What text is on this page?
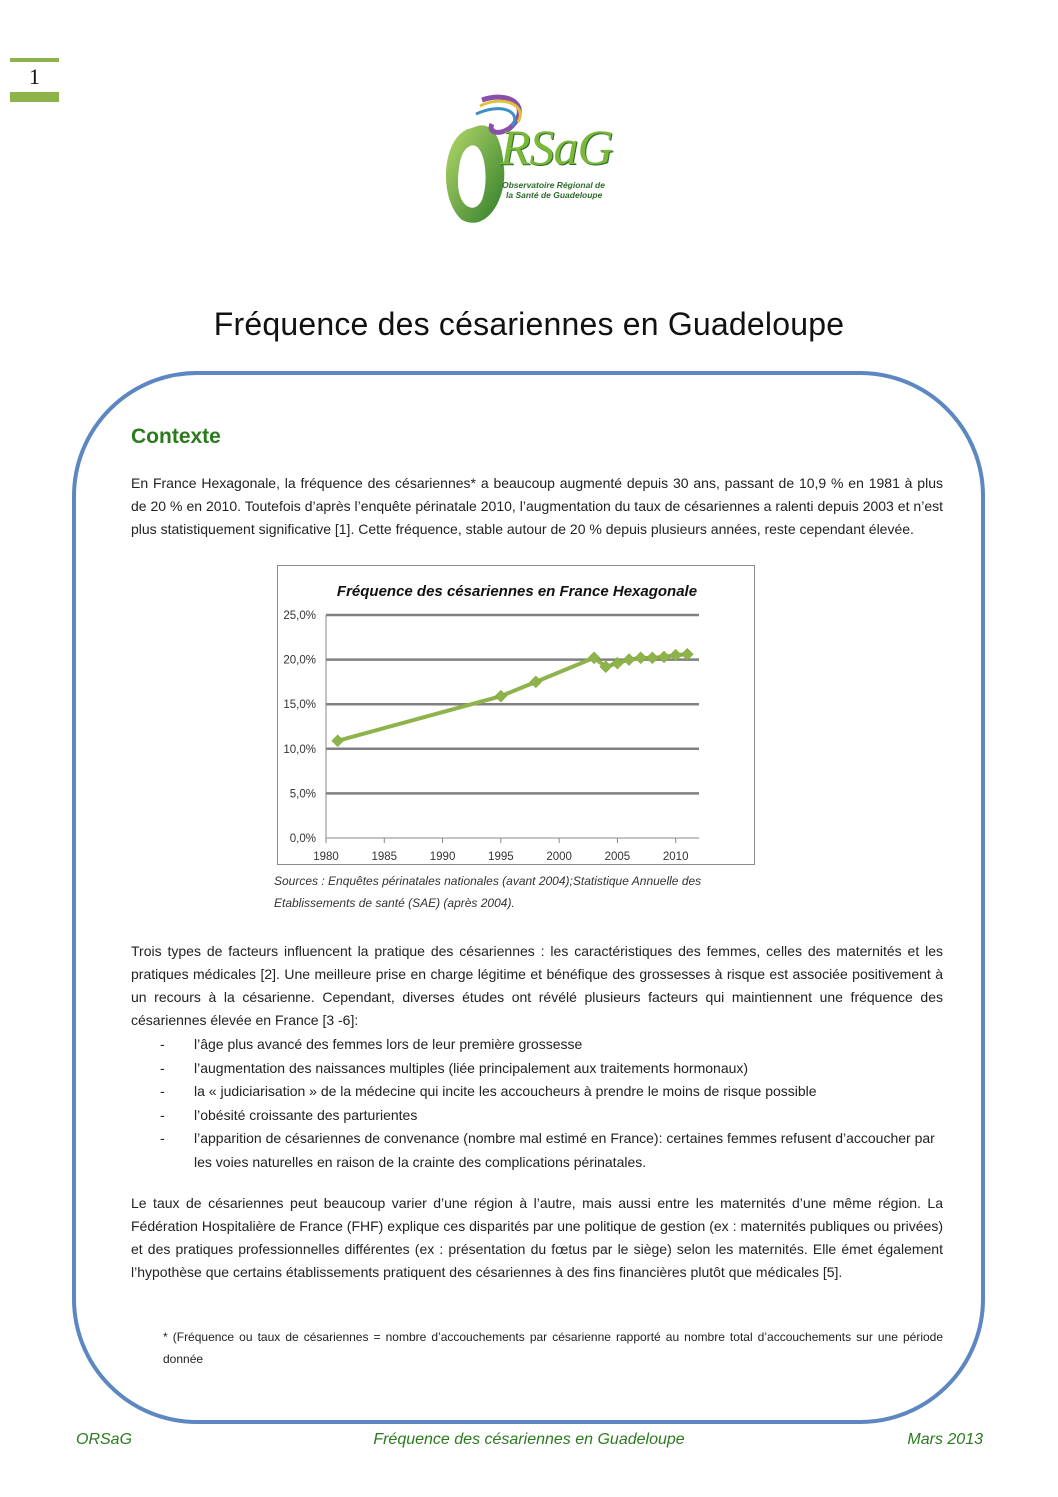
1
RSaG
Observatoire Régional de
la Santé de Guadeloupe
Fréquence des césariennes en Guadeloupe
Contexte
En France Hexagonale, la fréquence des césariennes* a beaucoup augmenté depuis 30 ans, passant de 10,9 % en 1981 à plus de 20 % en 2010. Toutefois d’après l’enquête périnatale 2010, l’augmentation du taux de césariennes a ralenti depuis 2003 et n’est plus statistiquement significative [1]. Cette fréquence, stable autour de 20 % depuis plusieurs années, reste cependant élevée.
Fréquence des césariennes en France Hexagonale
0,0%
5,0%
10,0%
15,0%
20,0%
25,0%
1980	1985	1990	1995	2000	2005	2010
Sources : Enquêtes périnatales nationales (avant 2004);Statistique Annuelle des
Etablissements de santé (SAE) (après 2004).
Trois types de facteurs influencent la pratique des césariennes : les caractéristiques des femmes, celles des maternités et les pratiques médicales [2]. Une meilleure prise en charge légitime et bénéfique des grossesses à risque est associée positivement à un recours à la césarienne. Cependant, diverses études ont révélé plusieurs facteurs qui maintiennent une fréquence des césariennes élevée en France [3 -6]:
-	l’âge plus avancé des femmes lors de leur première grossesse
-	l’augmentation des naissances multiples (liée principalement aux traitements hormonaux)
-	la « judiciarisation » de la médecine qui incite les accoucheurs à prendre le moins de risque possible
-	l’obésité croissante des parturientes
-	l’apparition de césariennes de convenance (nombre mal estimé en France): certaines femmes refusent d’accoucher par les voies naturelles en raison de la crainte des complications périnatales.
Le taux de césariennes peut beaucoup varier d’une région à l’autre, mais aussi entre les maternités d’une même région. La Fédération Hospitalière de France (FHF) explique ces disparités par une politique de gestion (ex : maternités publiques ou privées) et des pratiques professionnelles différentes (ex : présentation du fœtus par le siège) selon les maternités. Elle émet également l’hypothèse que certains établissements pratiquent des césariennes à des fins financières plutôt que médicales [5].
* (Fréquence ou taux de césariennes = nombre d’accouchements par césarienne rapporté au nombre total d’accouchements sur une période donnée
ORSaG	Fréquence des césariennes en Guadeloupe	Mars 2013
